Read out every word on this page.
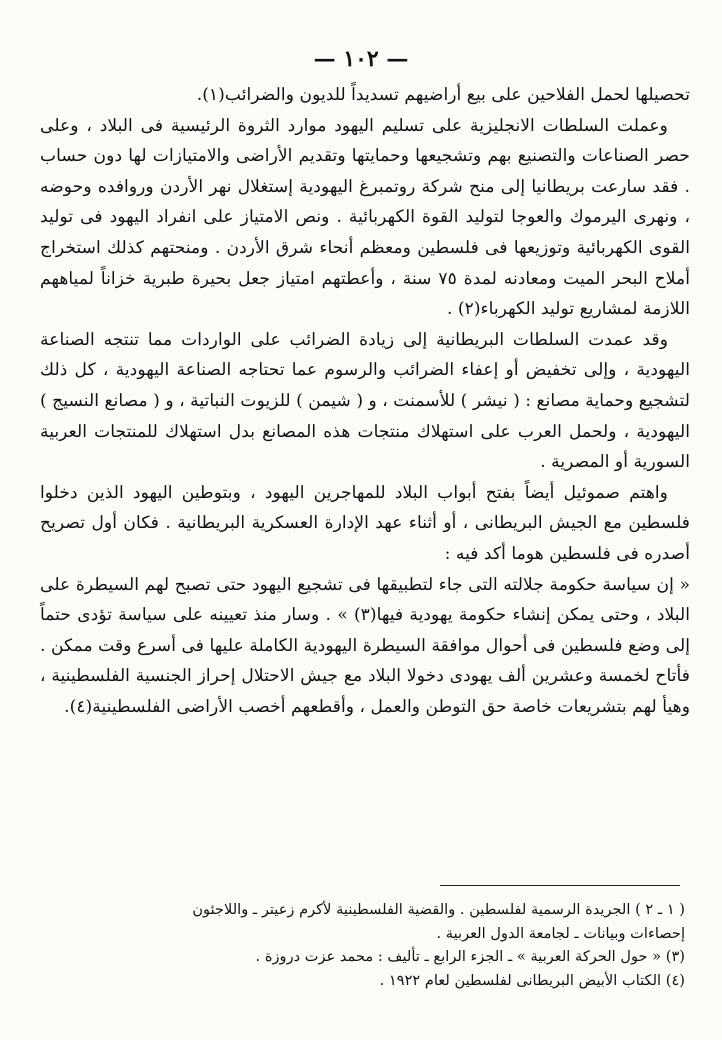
— ١٠٢ —

تحصيلها لحمل الفلاحين على بيع أراضيهم تسديداً للديون والضرائب(١).

وعملت السلطات الانجليزية على تسليم اليهود موارد الثروة الرئيسية فى البلاد ، وعلى حصر الصناعات والتصنيع بهم وتشجيعها وحمايتها وتقديم الأراضى والامتيازات لها دون حساب . فقد سارعت بريطانيا إلى منح شركة روتمبرغ اليهودية إستغلال نهر الأردن وروافده وحوضه ، ونهرى اليرموك والعوجا لتوليد القوة الكهربائية . ونص الامتياز على انفراد اليهود فى توليد القوى الكهربائية وتوزيعها فى فلسطين ومعظم أنحاء شرق الأردن . ومنحتهم كذلك استخراج أملاح البحر الميت ومعادنه لمدة ٧٥ سنة ، وأعطتهم امتياز جعل بحيرة طبرية خزاناً لمياههم اللازمة لمشاريع توليد الكهرباء(٢) .

وقد عمدت السلطات البريطانية إلى زيادة الضرائب على الواردات مما تنتجه الصناعة اليهودية ، وإلى تخفيض أو إعفاء الضرائب والرسوم عما تحتاجه الصناعة اليهودية ، كل ذلك لتشجيع وحماية مصانع : ( نيشر ) للأسمنت ، و ( شيمن ) للزيوت النباتية ، و ( مصانع النسيج ) اليهودية ، ولحمل العرب على استهلاك منتجات هذه المصانع بدل استهلاك للمنتجات العربية السورية أو المصرية .

واهتم صموئيل أيضاً بفتح أبواب البلاد للمهاجرين اليهود ، وبتوطين اليهود الذين دخلوا فلسطين مع الجيش البريطانى ، أو أثناء عهد الإدارة العسكرية البريطانية . فكان أول تصريح أصدره فى فلسطين هوما أكد فيه :

« إن سياسة حكومة جلالته التى جاء لتطبيقها فى تشجيع اليهود حتى تصبح لهم السيطرة على البلاد ، وحتى يمكن إنشاء حكومة يهودية فيها(٣) » . وسار منذ تعيينه على سياسة تؤدى حتماً إلى وضع فلسطين فى أحوال موافقة السيطرة اليهودية الكاملة عليها فى أسرع وقت ممكن . فأتاح لخمسة وعشرين ألف يهودى دخولا البلاد مع جيش الاحتلال إحراز الجنسية الفلسطينية ، وهيأ لهم بتشريعات خاصة حق التوطن والعمل ، وأقطعهم أخصب الأراضى الفلسطينية(٤).

( ١ ـ ٢ ) الجريدة الرسمية لفلسطين . والقضية الفلسطينية لأكرم زعيتر ـ واللاجئون

إحصاءات وبيانات ـ لجامعة الدول العربية .

(٣) « حول الحركة العربية » ـ الجزء الرابع ـ تأليف : محمد عزت دروزة .

(٤) الكتاب الأبيض البريطانى لفلسطين لعام ١٩٢٢ .
